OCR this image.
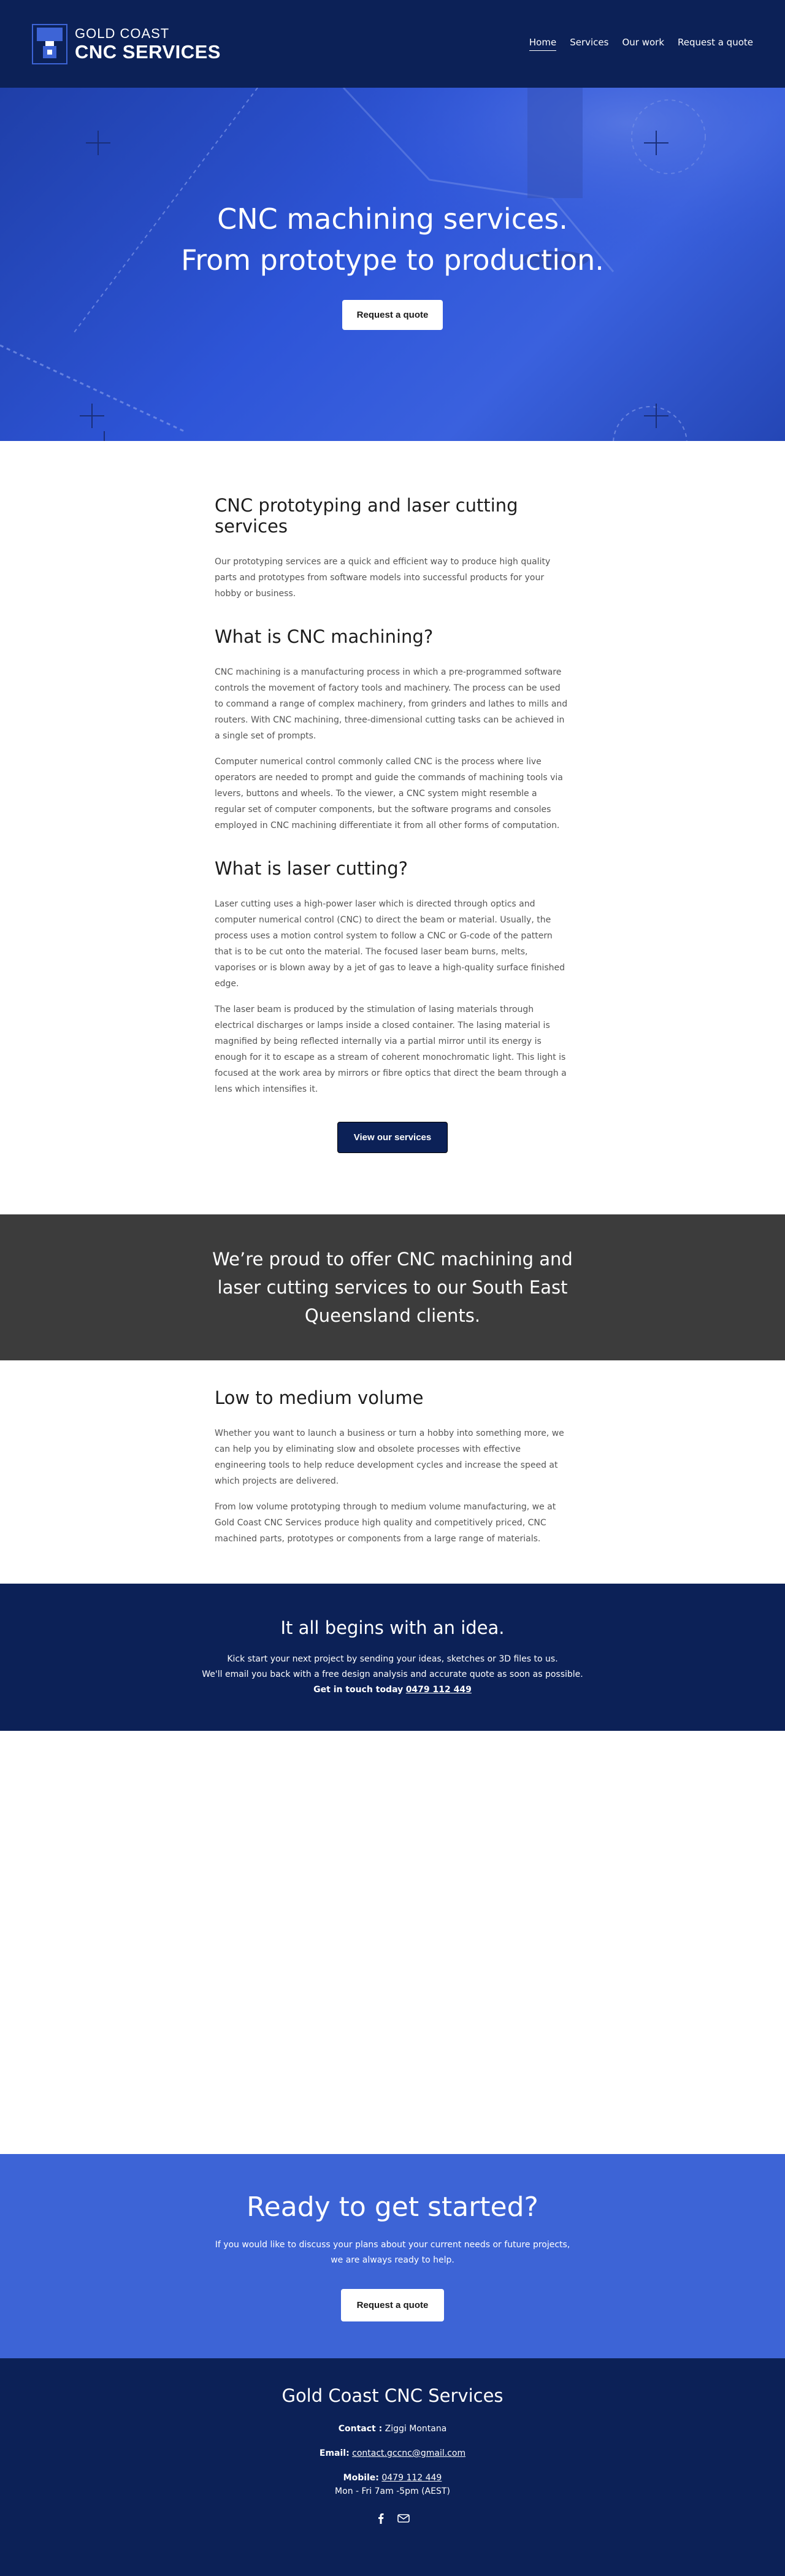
GOLD COAST
CNC SERVICES	Home Services Our work Request a quote
CNC machining services.
From prototype to production.
Request a quote
CNC prototyping and laser cutting services

Our prototyping services are a quick and efficient way to produce high quality parts and prototypes from software models into successful products for your hobby or business.

What is CNC machining?

CNC machining is a manufacturing process in which a pre-programmed software controls the movement of factory tools and machinery. The process can be used to command a range of complex machinery, from grinders and lathes to mills and routers. With CNC machining, three-dimensional cutting tasks can be achieved in a single set of prompts.

Computer numerical control commonly called CNC is the process where live operators are needed to prompt and guide the commands of machining tools via levers, buttons and wheels. To the viewer, a CNC system might resemble a regular set of computer components, but the software programs and consoles employed in CNC machining differentiate it from all other forms of computation.

What is laser cutting?

Laser cutting uses a high-power laser which is directed through optics and computer numerical control (CNC) to direct the beam or material. Usually, the process uses a motion control system to follow a CNC or G-code of the pattern that is to be cut onto the material. The focused laser beam burns, melts, vaporises or is blown away by a jet of gas to leave a high-quality surface finished edge.

The laser beam is produced by the stimulation of lasing materials through electrical discharges or lamps inside a closed container. The lasing material is magnified by being reflected internally via a partial mirror until its energy is enough for it to escape as a stream of coherent monochromatic light. This light is focused at the work area by mirrors or fibre optics that direct the beam through a lens which intensifies it.

View our services

We’re proud to offer CNC machining and laser cutting services to our South East Queensland clients.

Low to medium volume

Whether you want to launch a business or turn a hobby into something more, we can help you by eliminating slow and obsolete processes with effective engineering tools to help reduce development cycles and increase the speed at which projects are delivered.

From low volume prototyping through to medium volume manufacturing, we at Gold Coast CNC Services produce high quality and competitively priced, CNC machined parts, prototypes or components from a large range of materials.

It all begins with an idea.

Kick start your next project by sending your ideas, sketches or 3D files to us.

We'll email you back with a free design analysis and accurate quote as soon as possible.

Get in touch today 0479 112 449

Ready to get started?

If you would like to discuss your plans about your current needs or future projects, we are always ready to help.

Request a quote
Gold Coast CNC Services
Contact : Ziggi Montana
Email: contact.gccnc@gmail.com
Mobile: 0479 112 449
Mon - Fri 7am -5pm (AEST)
